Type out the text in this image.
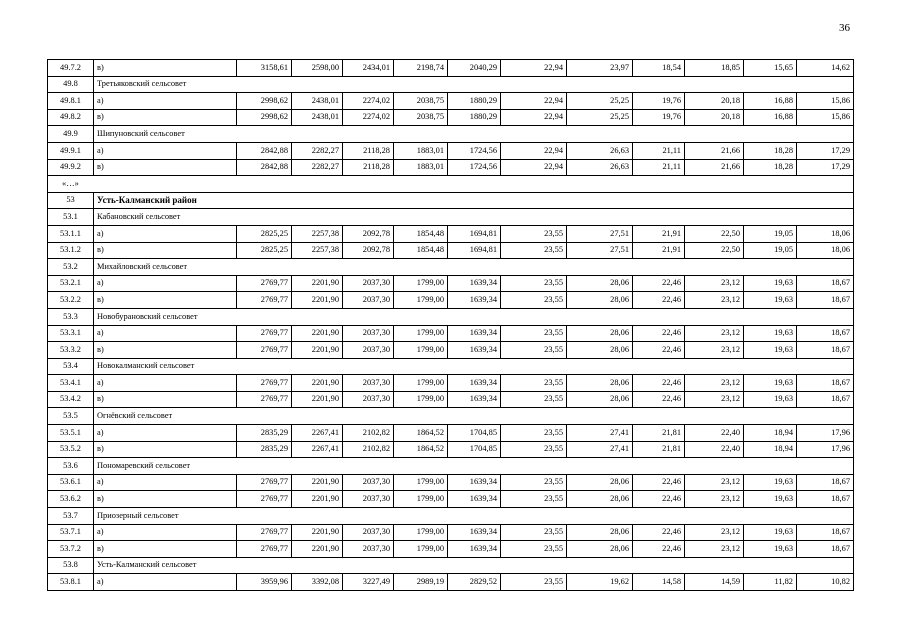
36
49.7.2	в)	3158,61	2598,00	2434,01	2198,74	2040,29	22,94	23,97	18,54	18,85	15,65	14,62
49.8	Третьяковский сельсовет											
49.8.1	а)	2998,62	2438,01	2274,02	2038,75	1880,29	22,94	25,25	19,76	20,18	16,88	15,86
49.8.2	в)	2998,62	2438,01	2274,02	2038,75	1880,29	22,94	25,25	19,76	20,18	16,88	15,86
49.9	Шипуновский сельсовет											
49.9.1	а)	2842,88	2282,27	2118,28	1883,01	1724,56	22,94	26,63	21,11	21,66	18,28	17,29
49.9.2	в)	2842,88	2282,27	2118,28	1883,01	1724,56	22,94	26,63	21,11	21,66	18,28	17,29
«…»												
53	Усть-Калманский район											
53.1	Кабановский сельсовет											
53.1.1	а)	2825,25	2257,38	2092,78	1854,48	1694,81	23,55	27,51	21,91	22,50	19,05	18,06
53.1.2	в)	2825,25	2257,38	2092,78	1854,48	1694,81	23,55	27,51	21,91	22,50	19,05	18,06
53.2	Михайловский сельсовет											
53.2.1	а)	2769,77	2201,90	2037,30	1799,00	1639,34	23,55	28,06	22,46	23,12	19,63	18,67
53.2.2	в)	2769,77	2201,90	2037,30	1799,00	1639,34	23,55	28,06	22,46	23,12	19,63	18,67
53.3	Новобурановский сельсовет											
53.3.1	а)	2769,77	2201,90	2037,30	1799,00	1639,34	23,55	28,06	22,46	23,12	19,63	18,67
53.3.2	в)	2769,77	2201,90	2037,30	1799,00	1639,34	23,55	28,06	22,46	23,12	19,63	18,67
53.4	Новокалманский сельсовет											
53.4.1	а)	2769,77	2201,90	2037,30	1799,00	1639,34	23,55	28,06	22,46	23,12	19,63	18,67
53.4.2	в)	2769,77	2201,90	2037,30	1799,00	1639,34	23,55	28,06	22,46	23,12	19,63	18,67
53.5	Огнёвский сельсовет											
53.5.1	а)	2835,29	2267,41	2102,82	1864,52	1704,85	23,55	27,41	21,81	22,40	18,94	17,96
53.5.2	в)	2835,29	2267,41	2102,82	1864,52	1704,85	23,55	27,41	21,81	22,40	18,94	17,96
53.6	Пономаревский сельсовет											
53.6.1	а)	2769,77	2201,90	2037,30	1799,00	1639,34	23,55	28,06	22,46	23,12	19,63	18,67
53.6.2	в)	2769,77	2201,90	2037,30	1799,00	1639,34	23,55	28,06	22,46	23,12	19,63	18,67
53.7	Приозерный сельсовет											
53.7.1	а)	2769,77	2201,90	2037,30	1799,00	1639,34	23,55	28,06	22,46	23,12	19,63	18,67
53.7.2	в)	2769,77	2201,90	2037,30	1799,00	1639,34	23,55	28,06	22,46	23,12	19,63	18,67
53.8	Усть-Калманский сельсовет											
53.8.1	а)	3959,96	3392,08	3227,49	2989,19	2829,52	23,55	19,62	14,58	14,59	11,82	10,82
